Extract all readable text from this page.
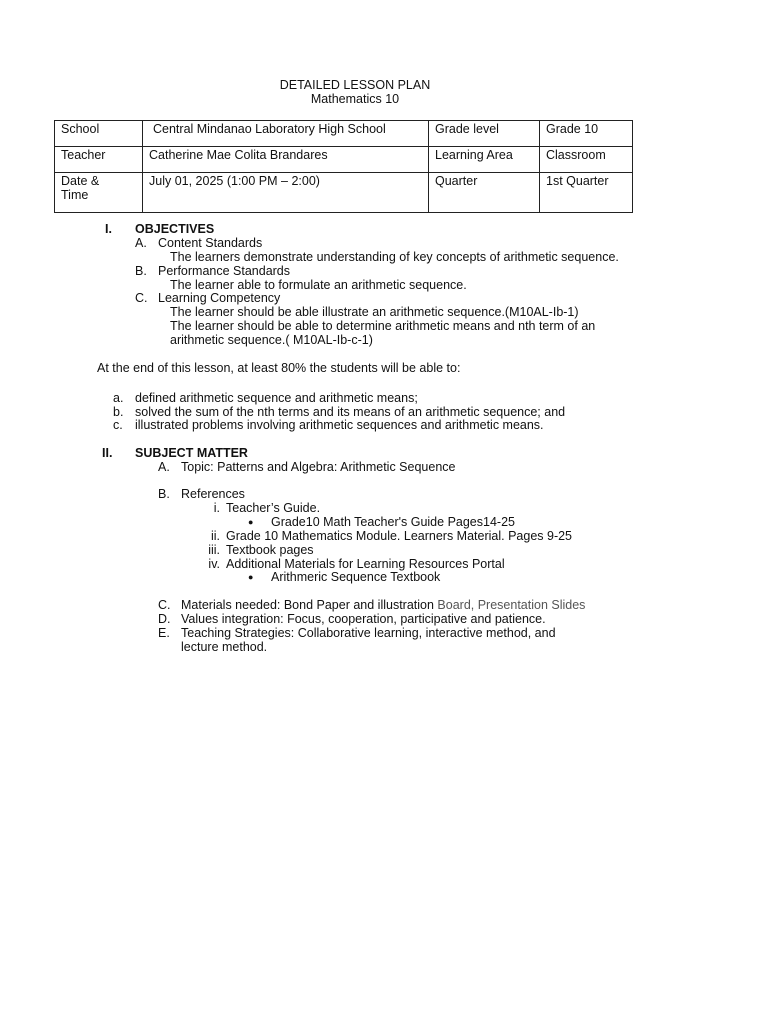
DETAILED LESSON PLAN
Mathematics 10
School	Central Mindanao Laboratory High School	Grade level	Grade 10
Teacher	Catherine Mae Colita Brandares	Learning Area	Classroom
Date & Time	July 01, 2025 (1:00 PM – 2:00)	Quarter	1st Quarter
I. OBJECTIVES
A. Content Standards
The learners demonstrate understanding of key concepts of arithmetic sequence.
B. Performance Standards
The learner able to formulate an arithmetic sequence.
C. Learning Competency
The learner should be able illustrate an arithmetic sequence.(M10AL-Ib-1)
The learner should be able to determine arithmetic means and nth term of an
arithmetic sequence.( M10AL-Ib-c-1)
At the end of this lesson, at least 80% the students will be able to:
a. defined arithmetic sequence and arithmetic means;
b. solved the sum of the nth terms and its means of an arithmetic sequence; and
c. illustrated problems involving arithmetic sequences and arithmetic means.
II. SUBJECT MATTER
A. Topic: Patterns and Algebra: Arithmetic Sequence
B. References
i. Teacher’s Guide.
● Grade10 Math Teacher's Guide Pages14-25
ii. Grade 10 Mathematics Module. Learners Material. Pages 9-25
iii. Textbook pages
iv. Additional Materials for Learning Resources Portal
● Arithmeric Sequence Textbook
C. Materials needed: Bond Paper and illustration Board, Presentation Slides
D. Values integration: Focus, cooperation, participative and patience.
E. Teaching Strategies: Collaborative learning, interactive method, and
lecture method.
